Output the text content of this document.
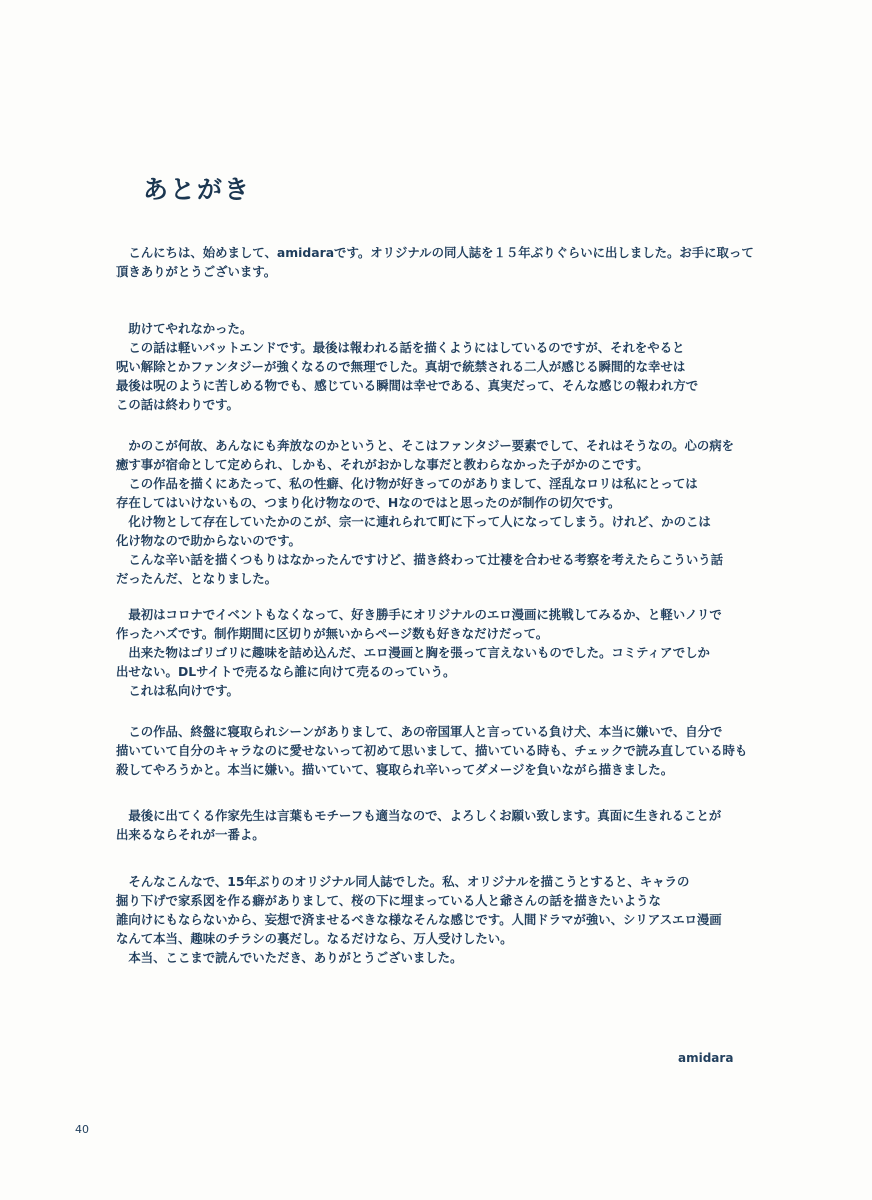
あとがき
　こんにちは、始めまして、amidaraです。オリジナルの同人誌を１５年ぶりぐらいに出しました。お手に取って
頂きありがとうございます。
　助けてやれなかった。
　この話は軽いバットエンドです。最後は報われる話を描くようにはしているのですが、それをやると
呪い解除とかファンタジーが強くなるので無理でした。真胡で統禁される二人が感じる瞬間的な幸せは
最後は呪のように苦しめる物でも、感じている瞬間は幸せである、真実だって、そんな感じの報われ方で
この話は終わりです。
　かのこが何故、あんなにも奔放なのかというと、そこはファンタジー要素でして、それはそうなの。心の病を
癒す事が宿命として定められ、しかも、それがおかしな事だと教わらなかった子がかのこです。
　この作品を描くにあたって、私の性癖、化け物が好きってのがありまして、淫乱なロリは私にとっては
存在してはいけないもの、つまり化け物なので、Hなのではと思ったのが制作の切欠です。
　化け物として存在していたかのこが、宗一に連れられて町に下って人になってしまう。けれど、かのこは
化け物なので助からないのです。
　こんな辛い話を描くつもりはなかったんですけど、描き終わって辻褄を合わせる考察を考えたらこういう話
だったんだ、となりました。
　最初はコロナでイベントもなくなって、好き勝手にオリジナルのエロ漫画に挑戦してみるか、と軽いノリで
作ったハズです。制作期間に区切りが無いからページ数も好きなだけだって。
　出来た物はゴリゴリに趣味を詰め込んだ、エロ漫画と胸を張って言えないものでした。コミティアでしか
出せない。DLサイトで売るなら誰に向けて売るのっていう。
　これは私向けです。
　この作品、終盤に寝取られシーンがありまして、あの帝国軍人と言っている負け犬、本当に嫌いで、自分で
描いていて自分のキャラなのに愛せないって初めて思いまして、描いている時も、チェックで読み直している時も
殺してやろうかと。本当に嫌い。描いていて、寝取られ辛いってダメージを負いながら描きました。
　最後に出てくる作家先生は言葉もモチーフも適当なので、よろしくお願い致します。真面に生きれることが
出来るならそれが一番よ。
　そんなこんなで、15年ぶりのオリジナル同人誌でした。私、オリジナルを描こうとすると、キャラの
掘り下げで家系図を作る癖がありまして、桜の下に埋まっている人と爺さんの話を描きたいような
誰向けにもならないから、妄想で済ませるべきな様なそんな感じです。人間ドラマが強い、シリアスエロ漫画
なんて本当、趣味のチラシの裏だし。なるだけなら、万人受けしたい。
　本当、ここまで読んでいただき、ありがとうございました。
amidara
40
